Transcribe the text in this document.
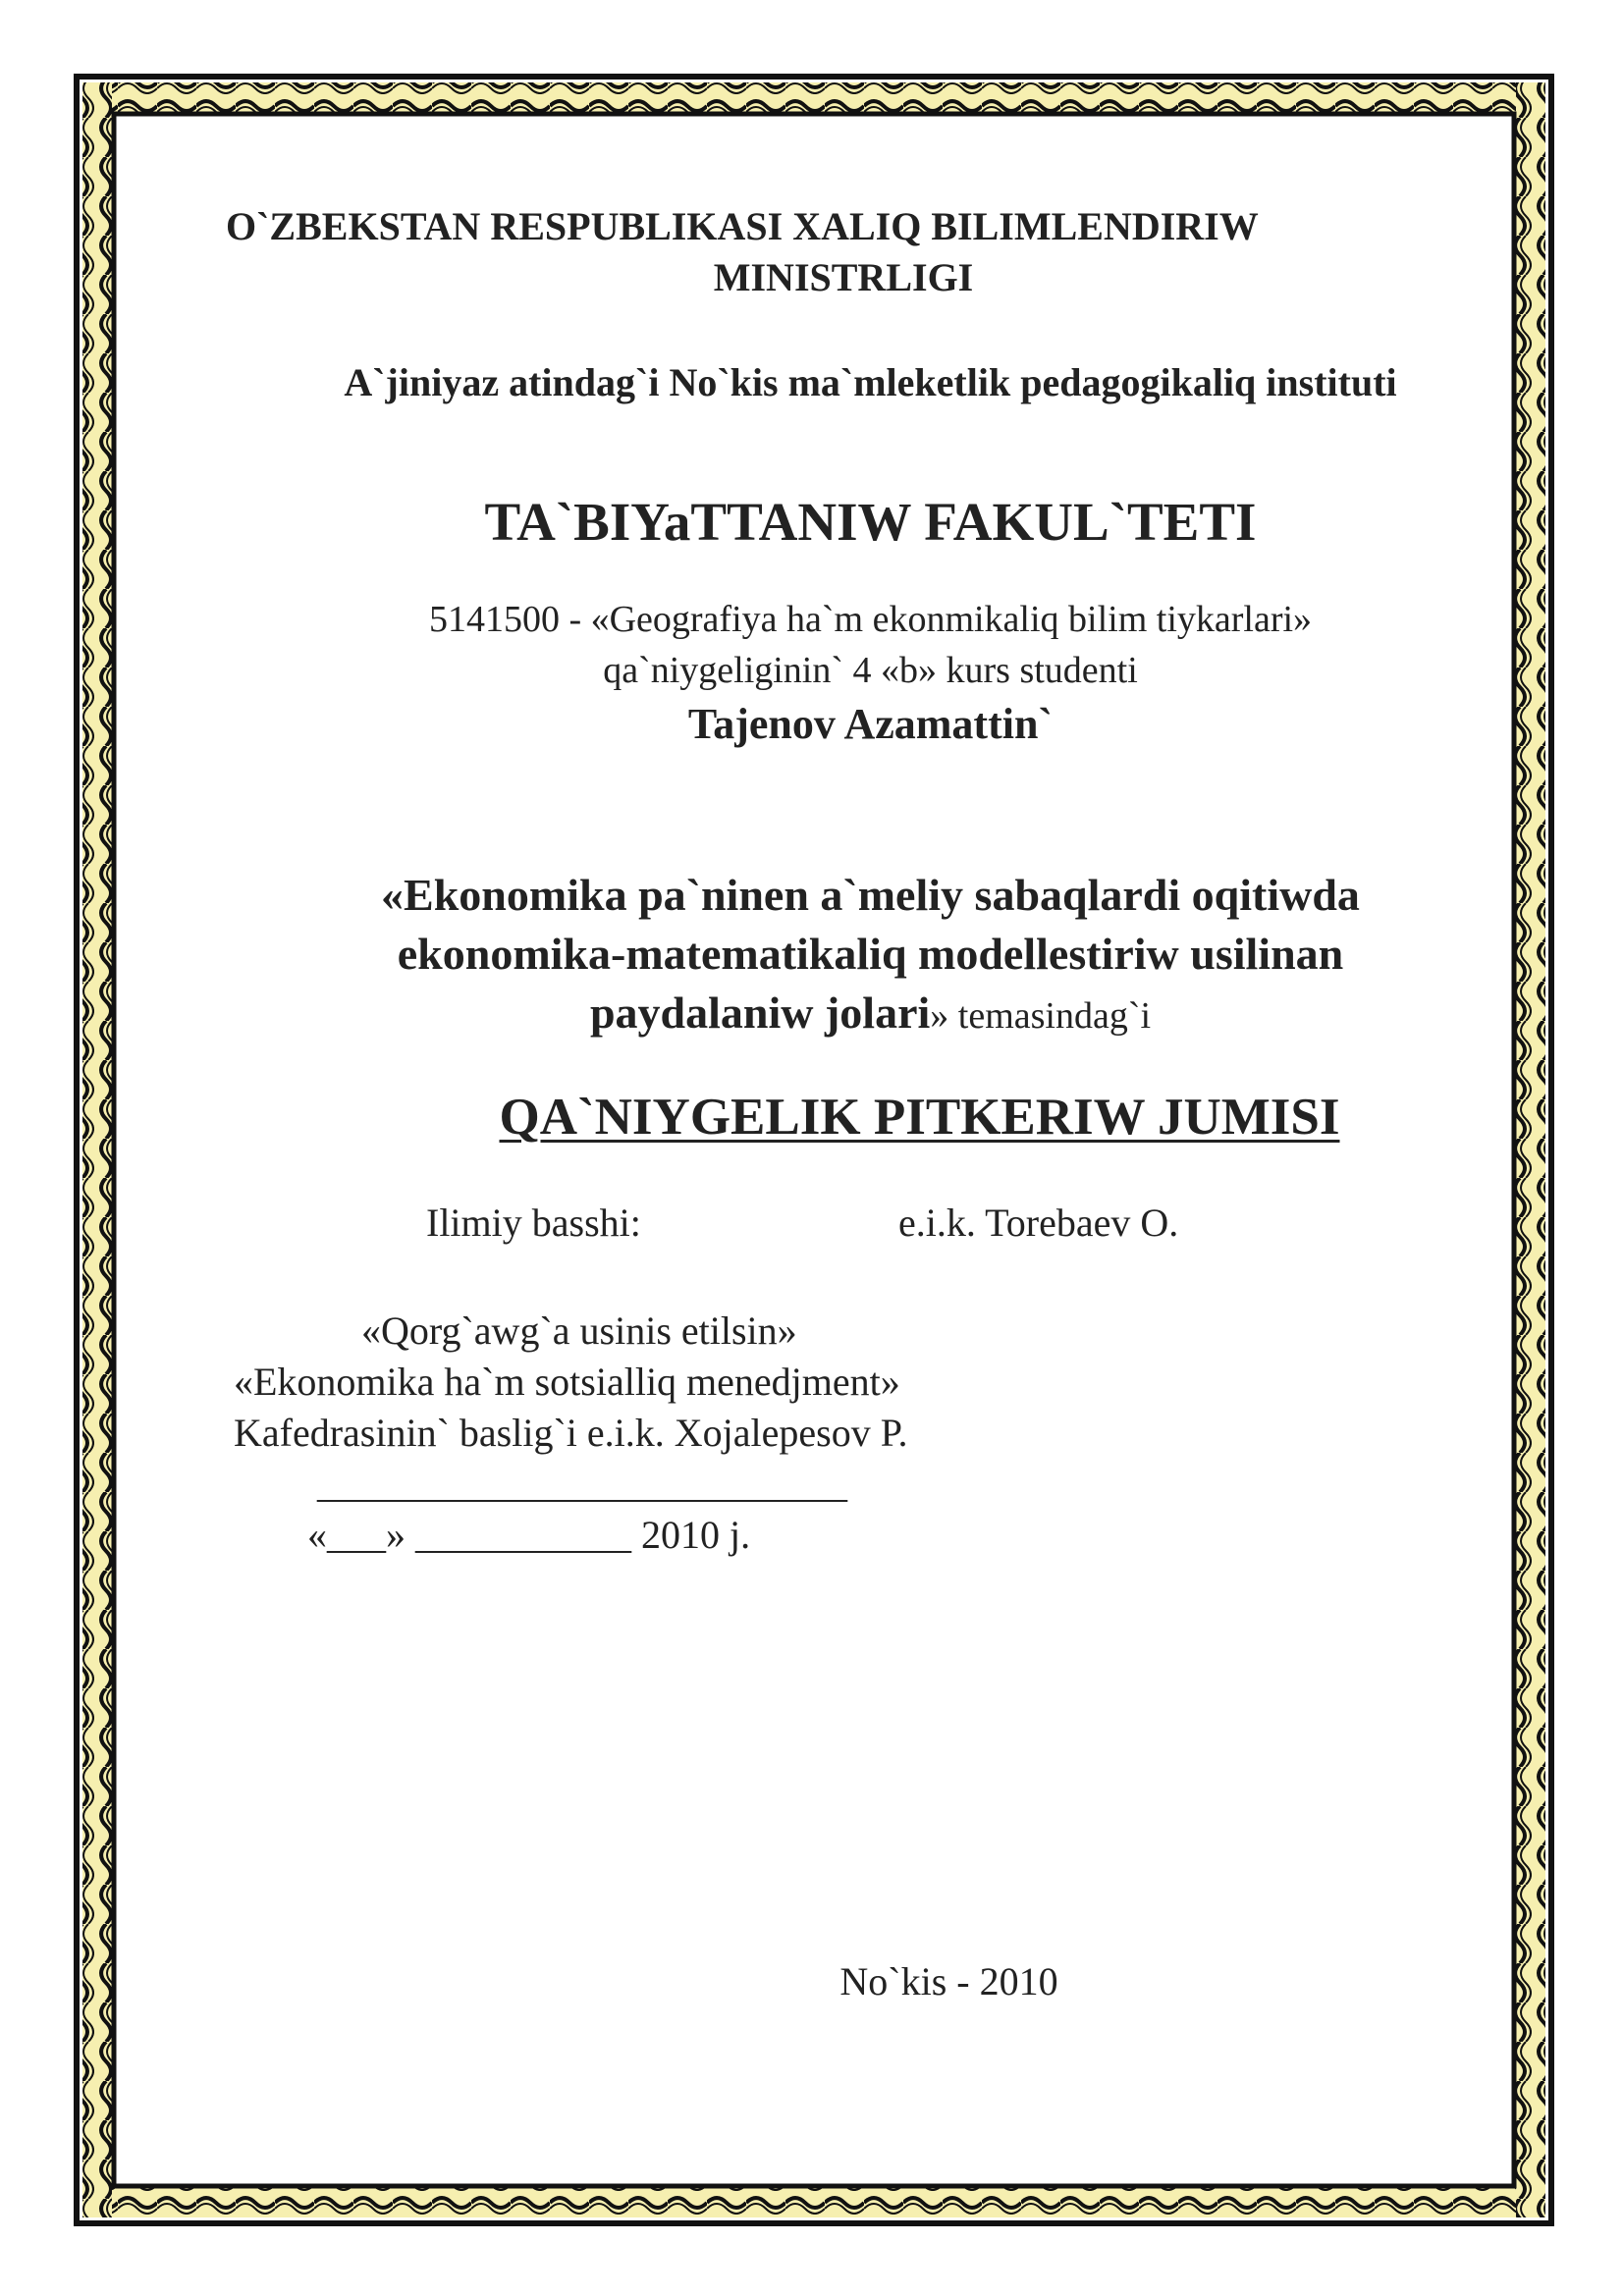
O`ZBEKSTAN RESPUBLIKASI XALIQ BILIMLENDIRIW
MINISTRLIGI
A`jiniyaz atindag`i No`kis ma`mleketlik pedagogikaliq instituti
TA`BIYaTTANIW FAKUL`TETI
5141500 - «Geografiya ha`m ekonmikaliq bilim tiykarlari»
qa`niygeliginin` 4 «b» kurs studenti
Tajenov Azamattin`
«Ekonomika pa`ninen a`meliy sabaqlardi oqitiwda
ekonomika-matematikaliq modellestiriw usilinan
paydalaniw jolari» temasindag`i
QA`NIYGELIK PITKERIW JUMISI
Ilimiy basshi:	e.i.k. Torebaev O.
«Qorg`awg`a usinis etilsin»
«Ekonomika ha`m sotsialliq menedjment»
Kafedrasinin` baslig`i e.i.k. Xojalepesov P.
___________________________
«___» ___________ 2010 j.
No`kis - 2010
